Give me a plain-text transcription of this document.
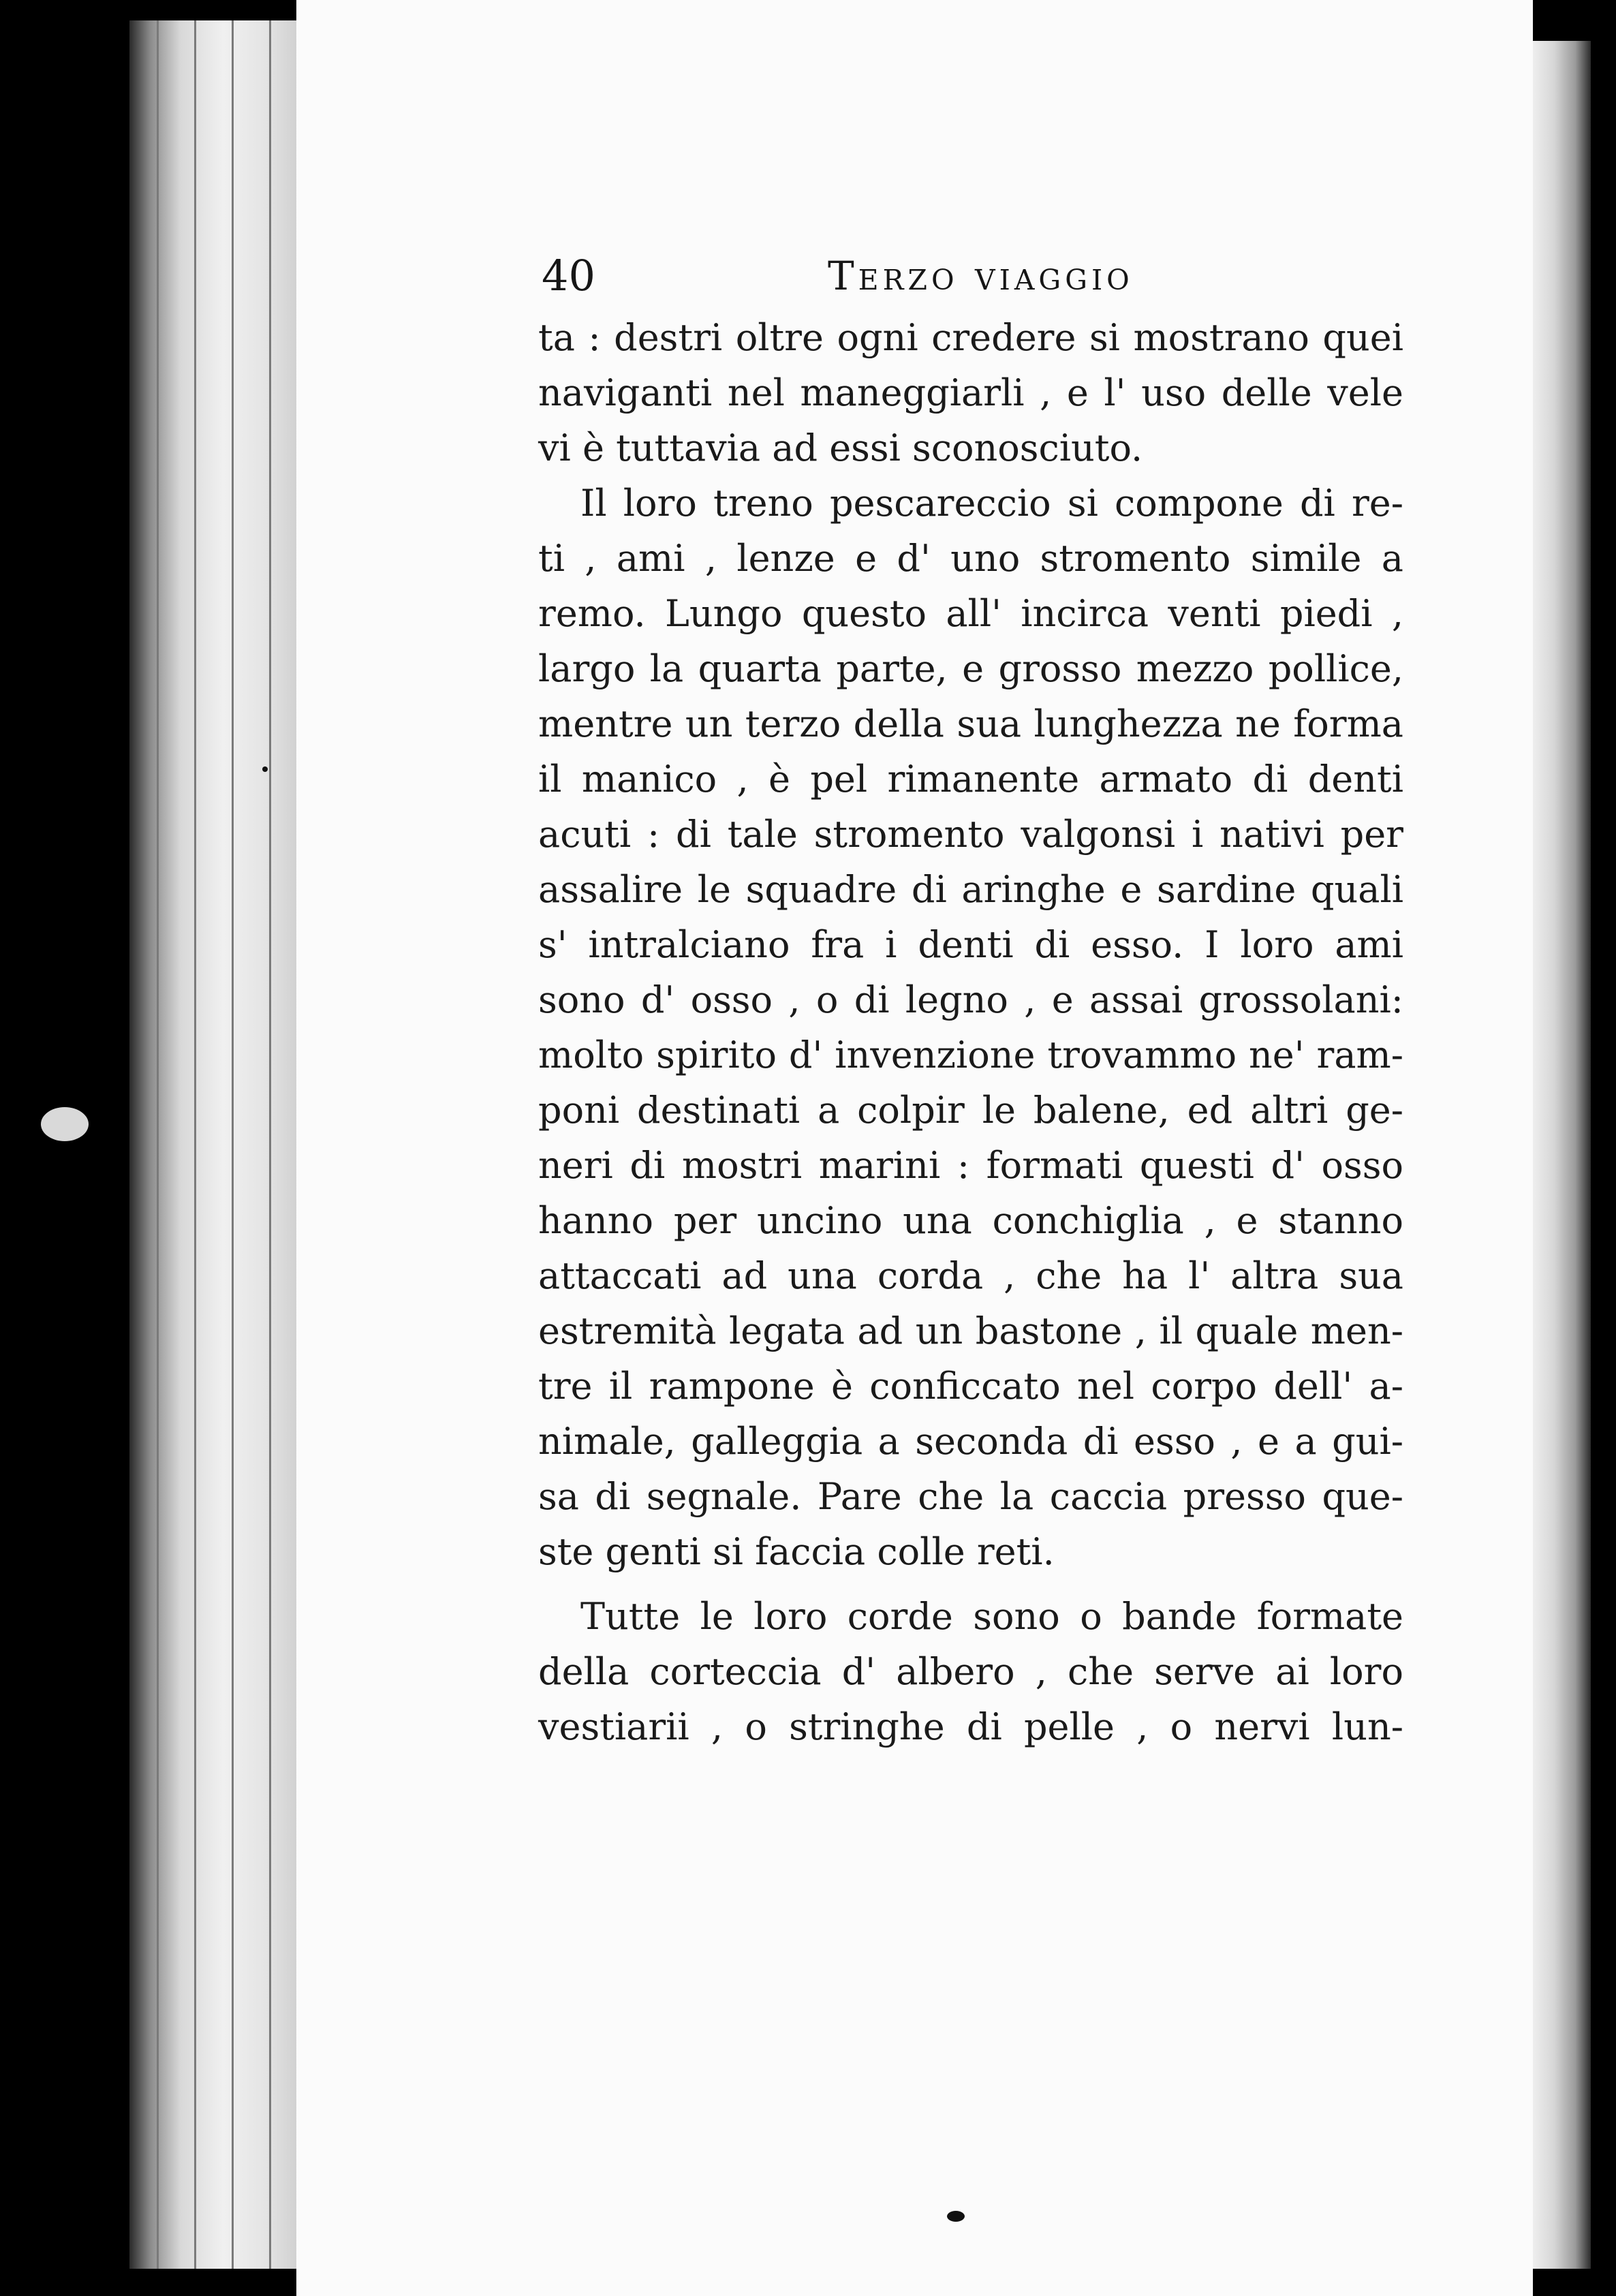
40	Terzo viaggio
ta : destri oltre ogni credere si mostrano quei
naviganti nel maneggiarli , e l' uso delle vele
vi è tuttavia ad essi sconosciuto.
Il loro treno pescareccio si compone di re-
ti , ami , lenze e d' uno stromento simile a
remo. Lungo questo all' incirca venti piedi ,
largo la quarta parte, e grosso mezzo pollice,
mentre un terzo della sua lunghezza ne forma
il manico , è pel rimanente armato di denti
acuti : di tale stromento valgonsi i nativi per
assalire le squadre di aringhe e sardine quali
s' intralciano fra i denti di esso. I loro ami
sono d' osso , o di legno , e assai grossolani:
molto spirito d' invenzione trovammo ne' ram-
poni destinati a colpir le balene, ed altri ge-
neri di mostri marini : formati questi d' osso
hanno per uncino una conchiglia , e stanno
attaccati ad una corda , che ha l' altra sua
estremità legata ad un bastone , il quale men-
tre il rampone è conficcato nel corpo dell' a-
nimale, galleggia a seconda di esso , e a gui-
sa di segnale. Pare che la caccia presso que-
ste genti si faccia colle reti.
Tutte le loro corde sono o bande formate
della corteccia d' albero , che serve ai loro
vestiarii , o stringhe di pelle , o nervi lun-
